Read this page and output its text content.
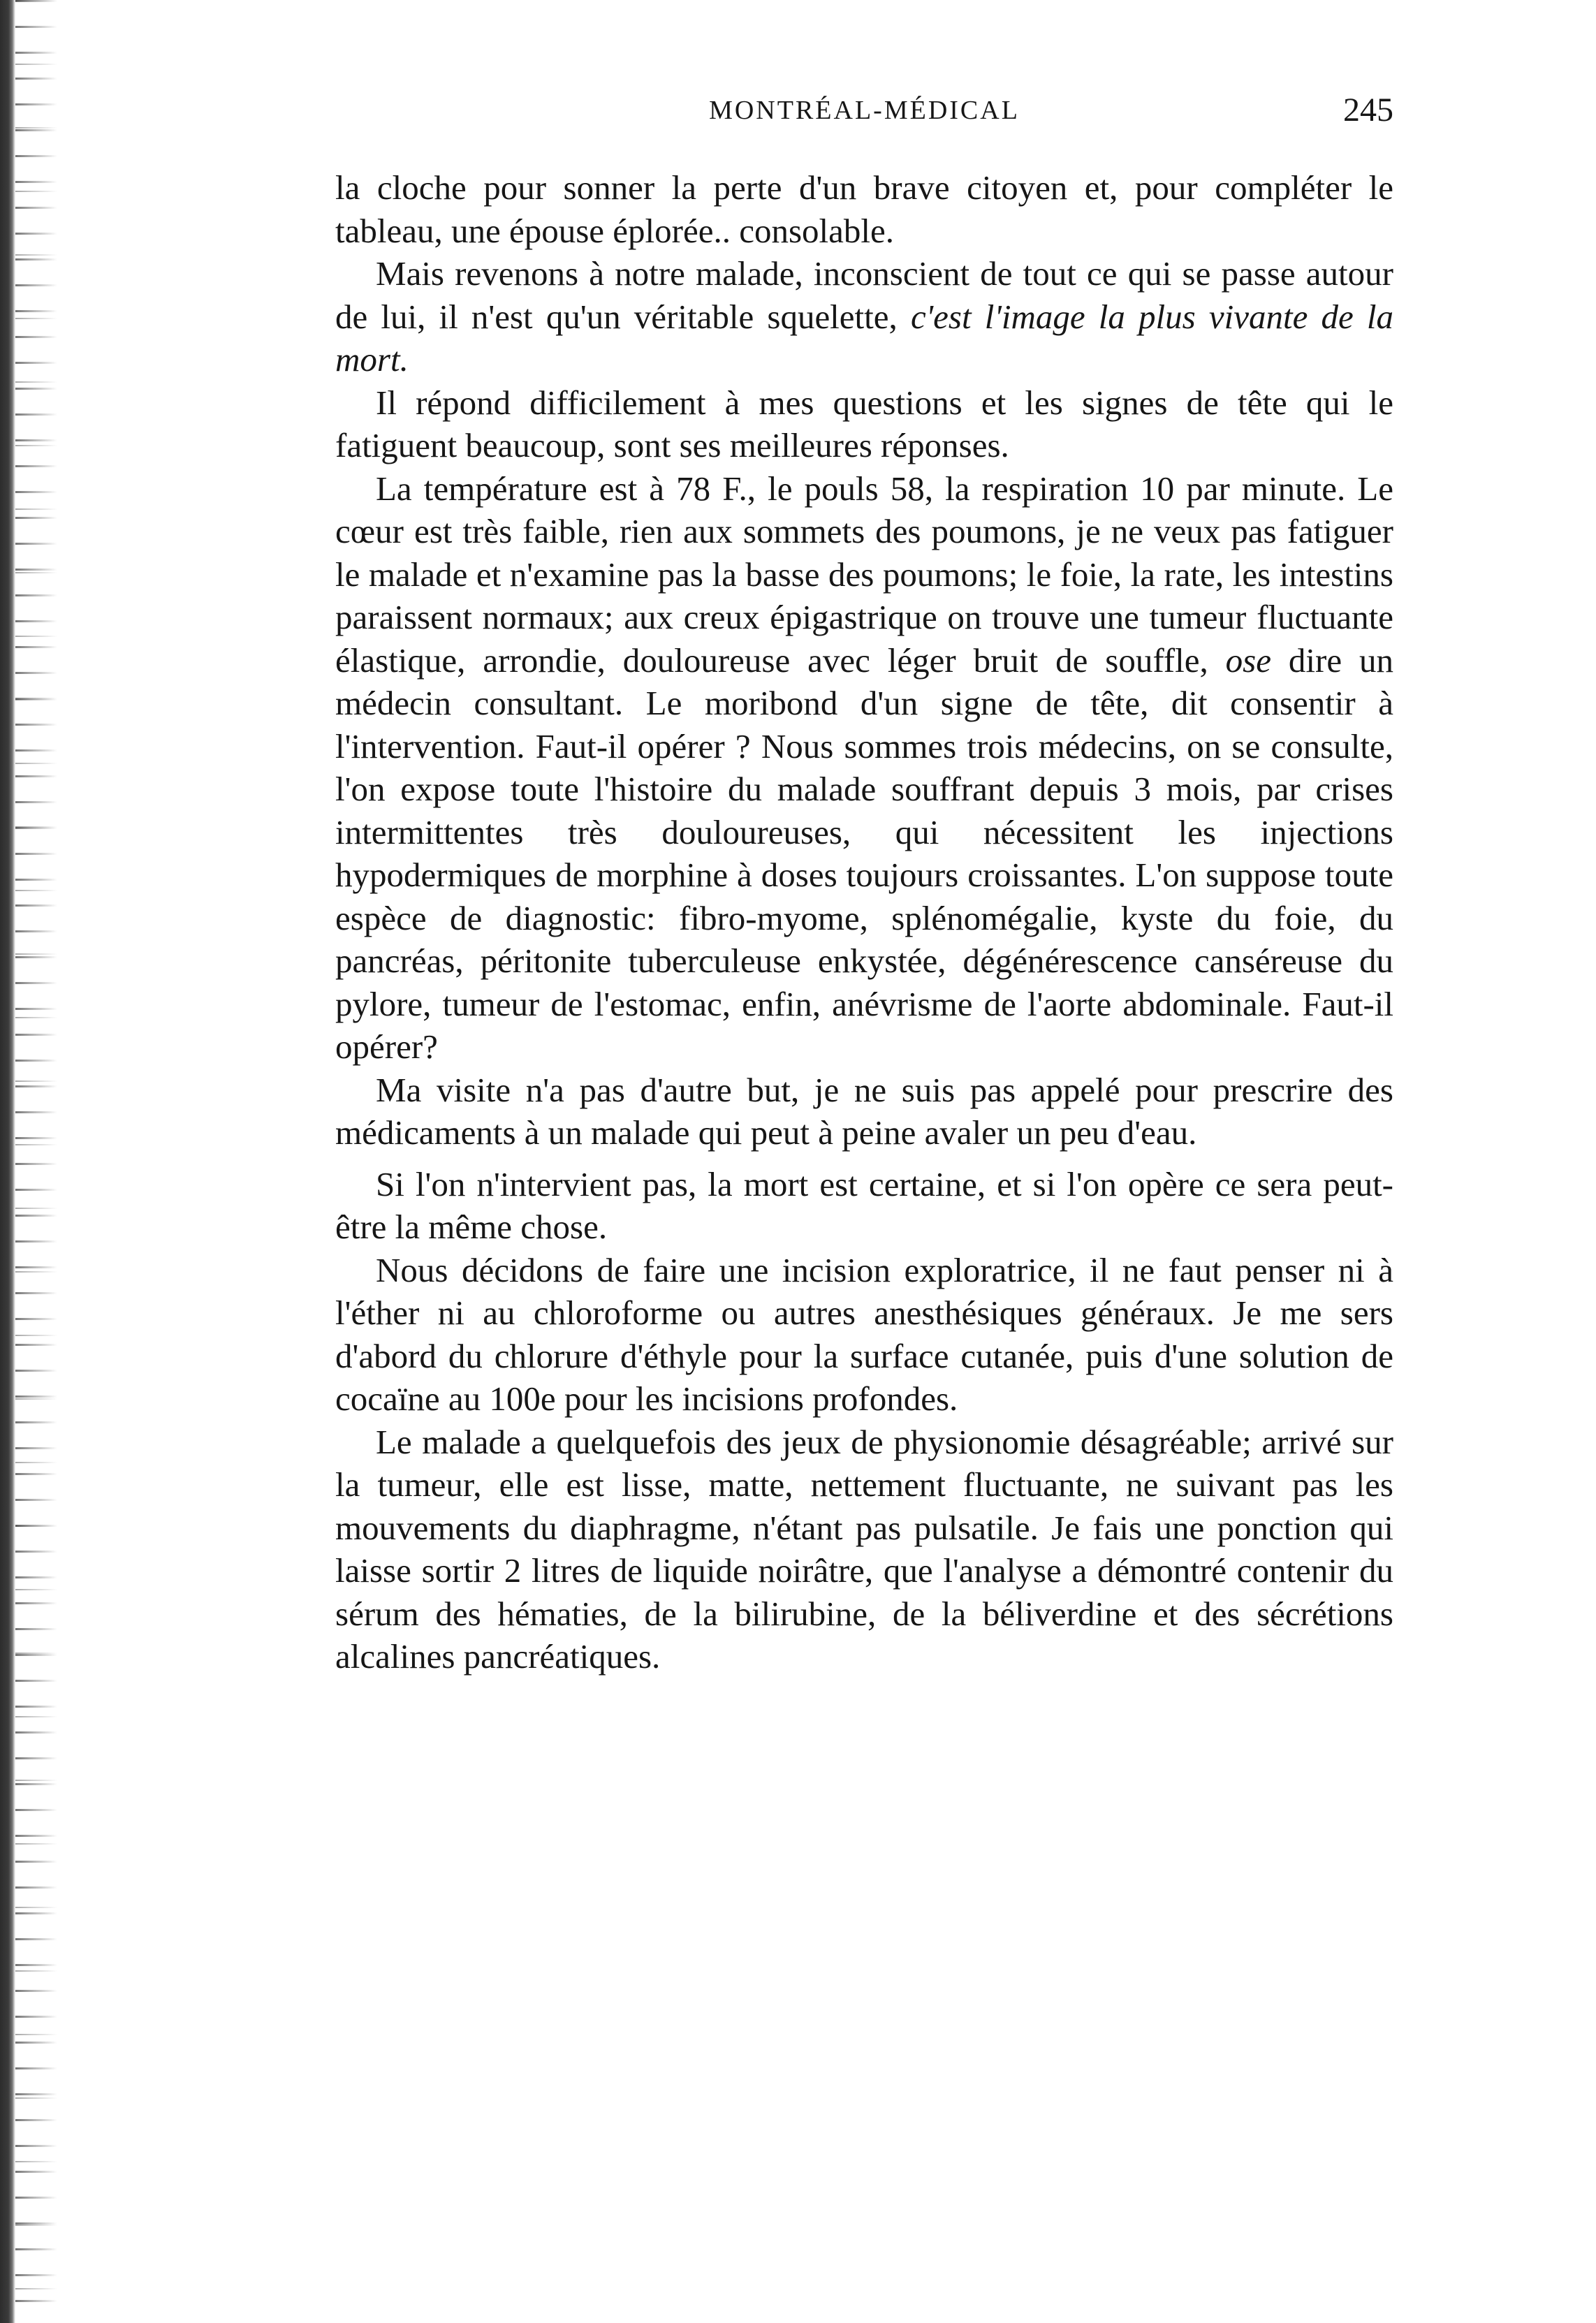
MONTRÉAL-MÉDICAL	245

la cloche pour sonner la perte d'un brave citoyen et, pour compléter le tableau, une épouse éplorée.. consolable.

Mais revenons à notre malade, inconscient de tout ce qui se passe autour de lui, il n'est qu'un véritable squelette, c'est l'image la plus vivante de la mort.

Il répond difficilement à mes questions et les signes de tête qui le fatiguent beaucoup, sont ses meilleures réponses.

La température est à 78 F., le pouls 58, la respiration 10 par minute. Le cœur est très faible, rien aux sommets des poumons, je ne veux pas fatiguer le malade et n'examine pas la basse des poumons; le foie, la rate, les intestins paraissent normaux; aux creux épigastrique on trouve une tumeur fluctuante élastique, arrondie, douloureuse avec léger bruit de souffle, ose dire un médecin consultant. Le moribond d'un signe de tête, dit consentir à l'intervention. Faut-il opérer ? Nous sommes trois médecins, on se consulte, l'on expose toute l'histoire du malade souffrant depuis 3 mois, par crises intermittentes très douloureuses, qui nécessitent les injections hypodermiques de morphine à doses toujours croissantes. L'on suppose toute espèce de diagnostic: fibro-myome, splénomégalie, kyste du foie, du pancréas, péritonite tuberculeuse enkystée, dégénérescence canséreuse du pylore, tumeur de l'estomac, enfin, anévrisme de l'aorte abdominale. Faut-il opérer?

Ma visite n'a pas d'autre but, je ne suis pas appelé pour prescrire des médicaments à un malade qui peut à peine avaler un peu d'eau.

Si l'on n'intervient pas, la mort est certaine, et si l'on opère ce sera peut-être la même chose.

Nous décidons de faire une incision exploratrice, il ne faut penser ni à l'éther ni au chloroforme ou autres anesthésiques généraux. Je me sers d'abord du chlorure d'éthyle pour la surface cutanée, puis d'une solution de cocaïne au 100e pour les incisions profondes.

Le malade a quelquefois des jeux de physionomie désagréable; arrivé sur la tumeur, elle est lisse, matte, nettement fluctuante, ne suivant pas les mouvements du diaphragme, n'étant pas pulsatile. Je fais une ponction qui laisse sortir 2 litres de liquide noirâtre, que l'analyse a démontré contenir du sérum des hématies, de la bilirubine, de la béliverdine et des sécrétions alcalines pancréatiques.
